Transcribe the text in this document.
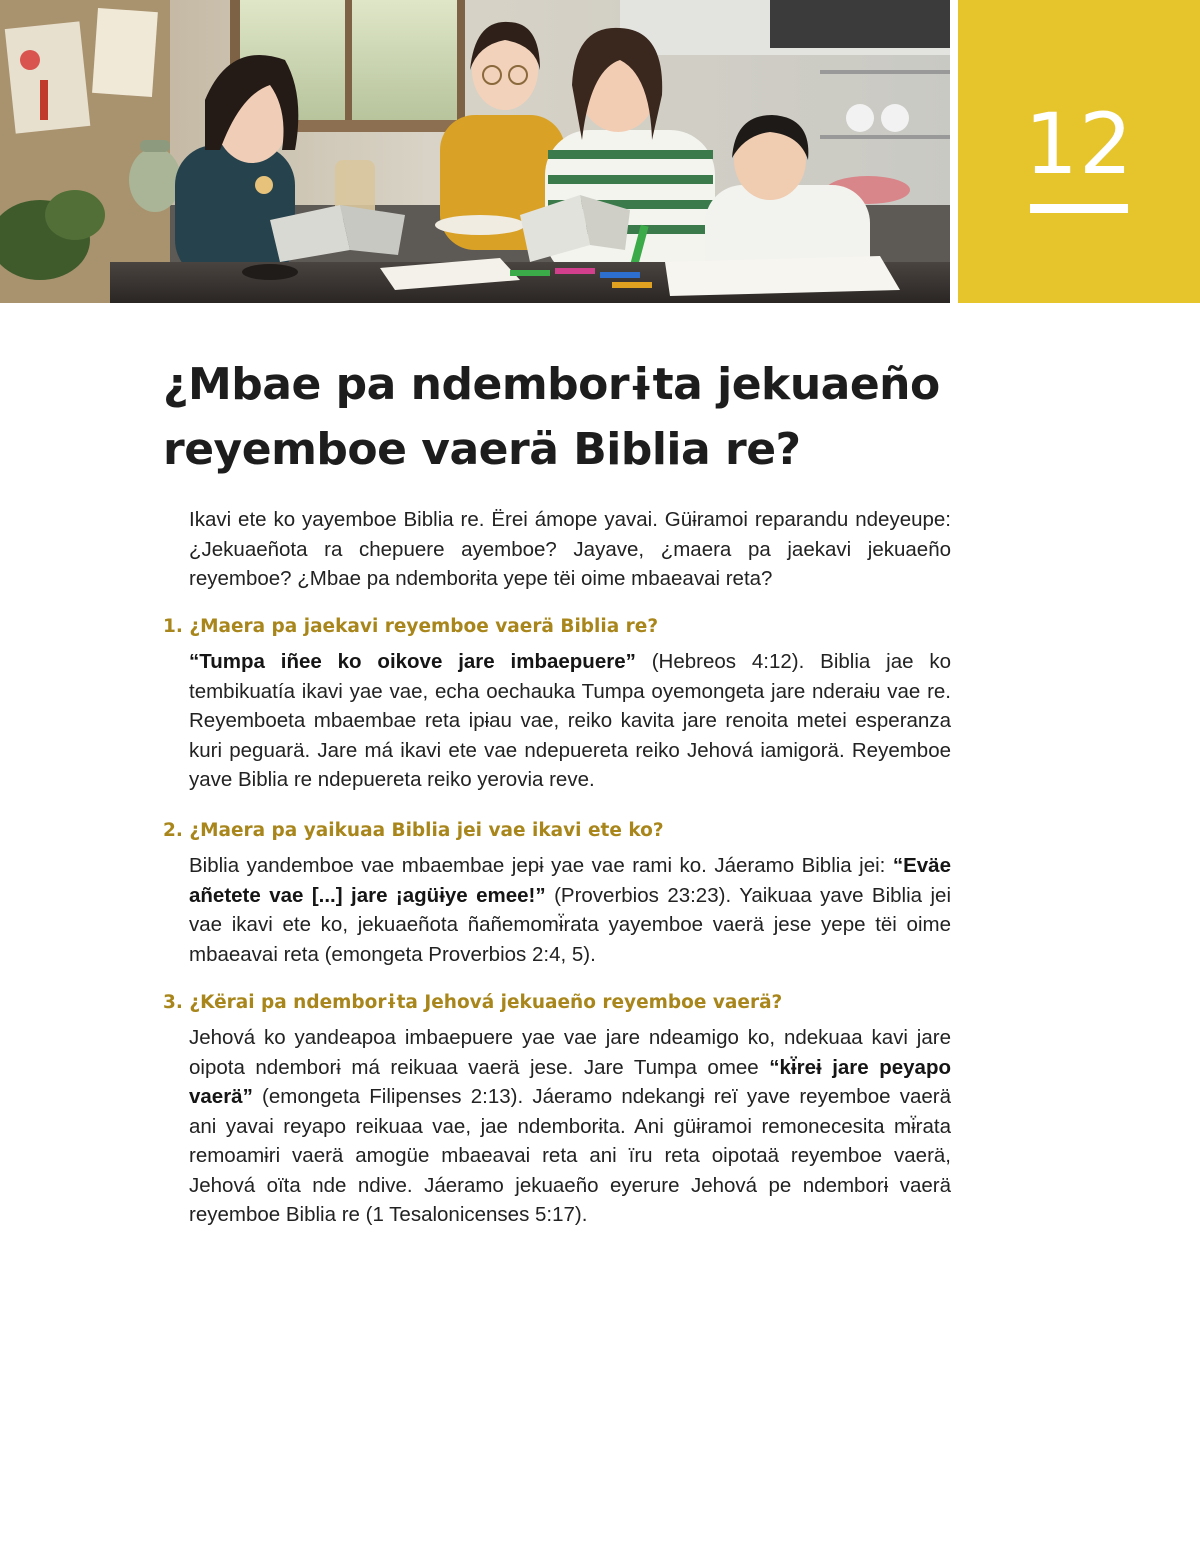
12
¿Mbae pa ndemborɨta jekuaeño reyemboe vaerä Biblia re?

Ikavi ete ko yayemboe Biblia re. Ërei ámope yavai. Güɨramoi reparandu ndeyeupe: ¿Jekuaeñota ra chepuere ayemboe? Jayave, ¿maera pa jaekavi jekuaeño reyemboe? ¿Mbae pa ndemborɨta yepe tëi oime mbaeavai reta?

1. ¿Maera pa jaekavi reyemboe vaerä Biblia re?

“Tumpa iñee ko oikove jare imbaepuere” (Hebreos 4:12). Biblia jae ko tembikuatía ikavi yae vae, echa oechauka Tumpa oyemongeta jare nderaɨu vae re. Reyemboeta mbaembae reta ipɨau vae, reiko kavita jare renoita metei esperanza kuri peguarä. Jare má ikavi ete vae ndepuereta reiko Jehová iamigorä. Reyemboe yave Biblia re ndepuereta reiko yerovia reve.

2. ¿Maera pa yaikuaa Biblia jei vae ikavi ete ko?

Biblia yandemboe vae mbaembae jepɨ yae vae rami ko. Jáeramo Biblia jei: “Eväe añetete vae [...] jare ¡agüɨye emee!” (Proverbios 23:23). Yaikuaa yave Biblia jei vae ikavi ete ko, jekuaeñota ñañemomɨ̈rata yayemboe vaerä jese yepe tëi oime mbaeavai reta (emongeta Proverbios 2:4, 5).

3. ¿Kërai pa ndemborɨta Jehová jekuaeño reyemboe vaerä?

Jehová ko yandeapoa imbaepuere yae vae jare ndeamigo ko, ndekuaa kavi jare oipota ndemborɨ má reikuaa vaerä jese. Jare Tumpa omee “kɨ̈reɨ jare peyapo vaerä” (emongeta Filipenses 2:13). Jáeramo ndekangɨ reï yave reyemboe vaerä ani yavai reyapo reikuaa vae, jae ndemborɨta. Ani güɨramoi remonecesita mɨ̈rata remoamɨri vaerä amogüe mbaeavai reta ani ïru reta oipotaä reyemboe vaerä, Jehová oïta nde ndive. Jáeramo jekuaeño eyerure Jehová pe ndemborɨ vaerä reyemboe Biblia re (1 Tesalonicenses 5:17).
